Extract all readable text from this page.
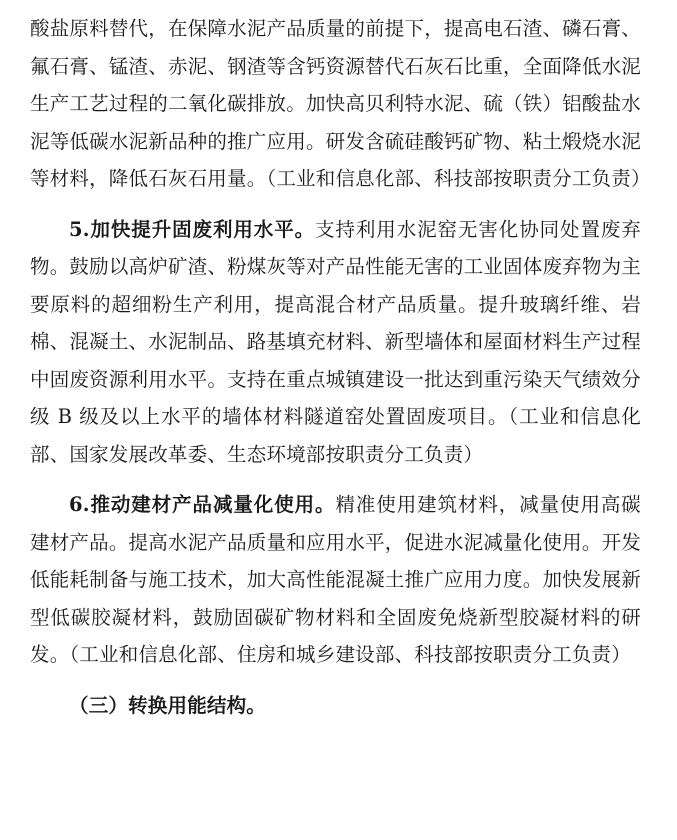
酸盐原料替代，在保障水泥产品质量的前提下，提高电石渣、磷石膏、氟石膏、锰渣、赤泥、钢渣等含钙资源替代石灰石比重，全面降低水泥生产工艺过程的二氧化碳排放。加快高贝利特水泥、硫（铁）铝酸盐水泥等低碳水泥新品种的推广应用。研发含硫硅酸钙矿物、粘土煅烧水泥等材料，降低石灰石用量。（工业和信息化部、科技部按职责分工负责）

5.加快提升固废利用水平。支持利用水泥窑无害化协同处置废弃物。鼓励以高炉矿渣、粉煤灰等对产品性能无害的工业固体废弃物为主要原料的超细粉生产利用，提高混合材产品质量。提升玻璃纤维、岩棉、混凝土、水泥制品、路基填充材料、新型墙体和屋面材料生产过程中固废资源利用水平。支持在重点城镇建设一批达到重污染天气绩效分级 B 级及以上水平的墙体材料隧道窑处置固废项目。（工业和信息化部、国家发展改革委、生态环境部按职责分工负责）

6.推动建材产品减量化使用。精准使用建筑材料，减量使用高碳建材产品。提高水泥产品质量和应用水平，促进水泥减量化使用。开发低能耗制备与施工技术，加大高性能混凝土推广应用力度。加快发展新型低碳胶凝材料，鼓励固碳矿物材料和全固废免烧新型胶凝材料的研发。（工业和信息化部、住房和城乡建设部、科技部按职责分工负责）

（三）转换用能结构。
